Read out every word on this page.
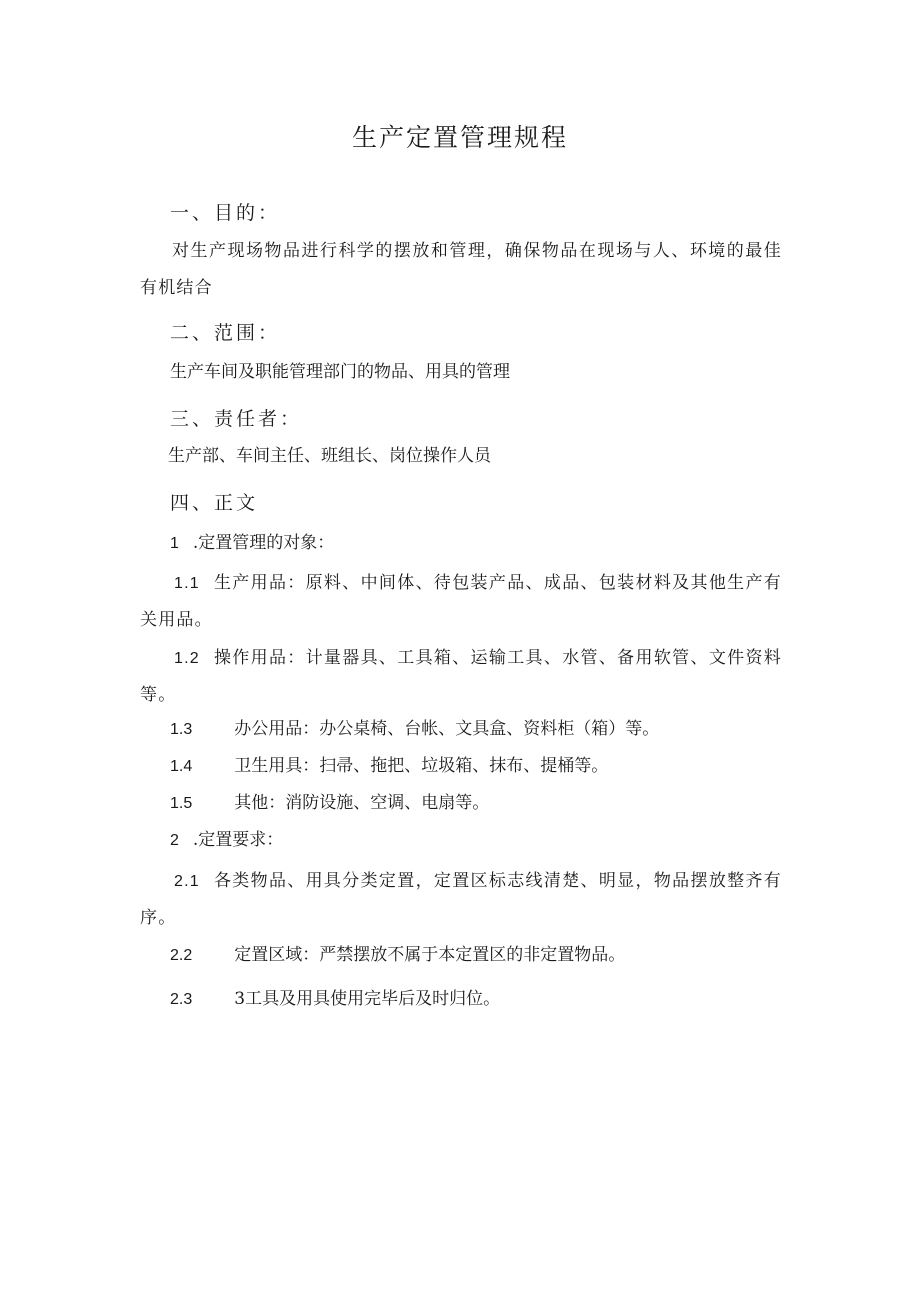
生产定置管理规程
一、目的：
对生产现场物品进行科学的摆放和管理，确保物品在现场与人、环境的最佳有机结合
二、范围：
生产车间及职能管理部门的物品、用具的管理
三、责任者：
生产部、车间主任、班组长、岗位操作人员
四、正文
1 .定置管理的对象：
1.1 生产用品：原料、中间体、待包装产品、成品、包装材料及其他生产有关用品。
1.2 操作用品：计量器具、工具箱、运输工具、水管、备用软管、文件资料等。
1.3 办公用品：办公桌椅、台帐、文具盒、资料柜（箱）等。
1.4 卫生用具：扫帚、拖把、垃圾箱、抹布、提桶等。
1.5 其他：消防设施、空调、电扇等。
2 .定置要求：
2.1 各类物品、用具分类定置，定置区标志线清楚、明显，物品摆放整齐有序。
2.2 定置区域：严禁摆放不属于本定置区的非定置物品。
2.3 3工具及用具使用完毕后及时归位。
